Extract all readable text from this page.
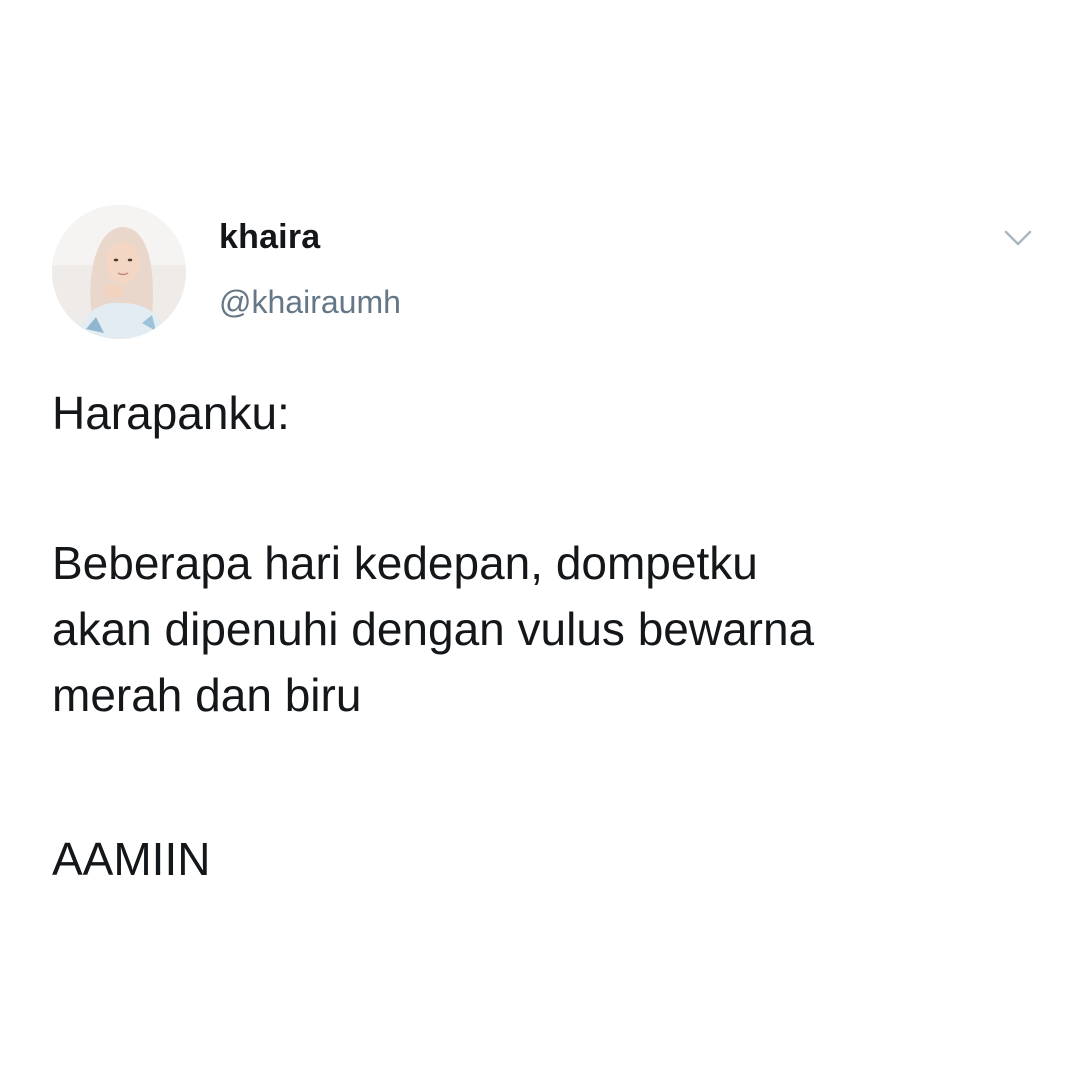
khaira
@khairaumh
Harapanku:
Beberapa hari kedepan, dompetku
akan dipenuhi dengan vulus bewarna
merah dan biru
AAMIIN
